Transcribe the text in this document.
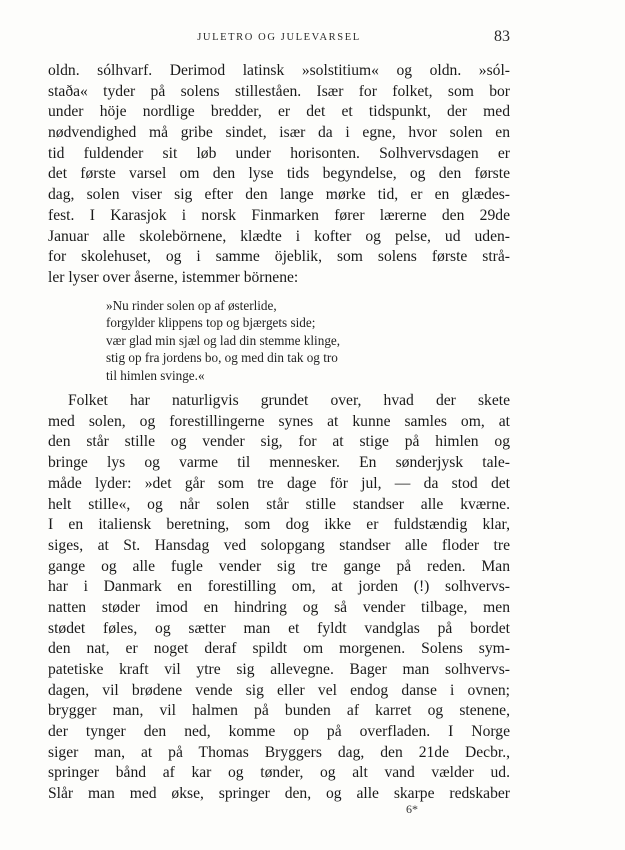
JULETRO OG JULEVARSEL	83
oldn. sólhvarf. Derimod latinsk »solstitium« og oldn. »sól-
staða« tyder på solens stilleståen. Især for folket, som bor
under höje nordlige bredder, er det et tidspunkt, der med
nødvendighed må gribe sindet, især da i egne, hvor solen en
tid fuldender sit løb under horisonten. Solhvervsdagen er
det første varsel om den lyse tids begyndelse, og den første
dag, solen viser sig efter den lange mørke tid, er en glædes-
fest. I Karasjok i norsk Finmarken fører lærerne den 29de
Januar alle skolebörnene, klædte i kofter og pelse, ud uden-
for skolehuset, og i samme öjeblik, som solens første strå-
ler lyser over åserne, istemmer börnene:
»Nu rinder solen op af østerlide,
forgylder klippens top og bjærgets side;
vær glad min sjæl og lad din stemme klinge,
stig op fra jordens bo, og med din tak og tro
til himlen svinge.«
Folket har naturligvis grundet over, hvad der skete
med solen, og forestillingerne synes at kunne samles om, at
den står stille og vender sig, for at stige på himlen og
bringe lys og varme til mennesker. En sønderjysk tale-
måde lyder: »det går som tre dage för jul, — da stod det
helt stille«, og når solen står stille standser alle kværne.
I en italiensk beretning, som dog ikke er fuldstændig klar,
siges, at St. Hansdag ved solopgang standser alle floder tre
gange og alle fugle vender sig tre gange på reden. Man
har i Danmark en forestilling om, at jorden (!) solhvervs-
natten støder imod en hindring og så vender tilbage, men
stødet føles, og sætter man et fyldt vandglas på bordet
den nat, er noget deraf spildt om morgenen. Solens sym-
patetiske kraft vil ytre sig allevegne. Bager man solhvervs-
dagen, vil brødene vende sig eller vel endog danse i ovnen;
brygger man, vil halmen på bunden af karret og stenene,
der tynger den ned, komme op på overfladen. I Norge
siger man, at på Thomas Bryggers dag, den 21de Decbr.,
springer bånd af kar og tønder, og alt vand vælder ud.
Slår man med økse, springer den, og alle skarpe redskaber
6*
